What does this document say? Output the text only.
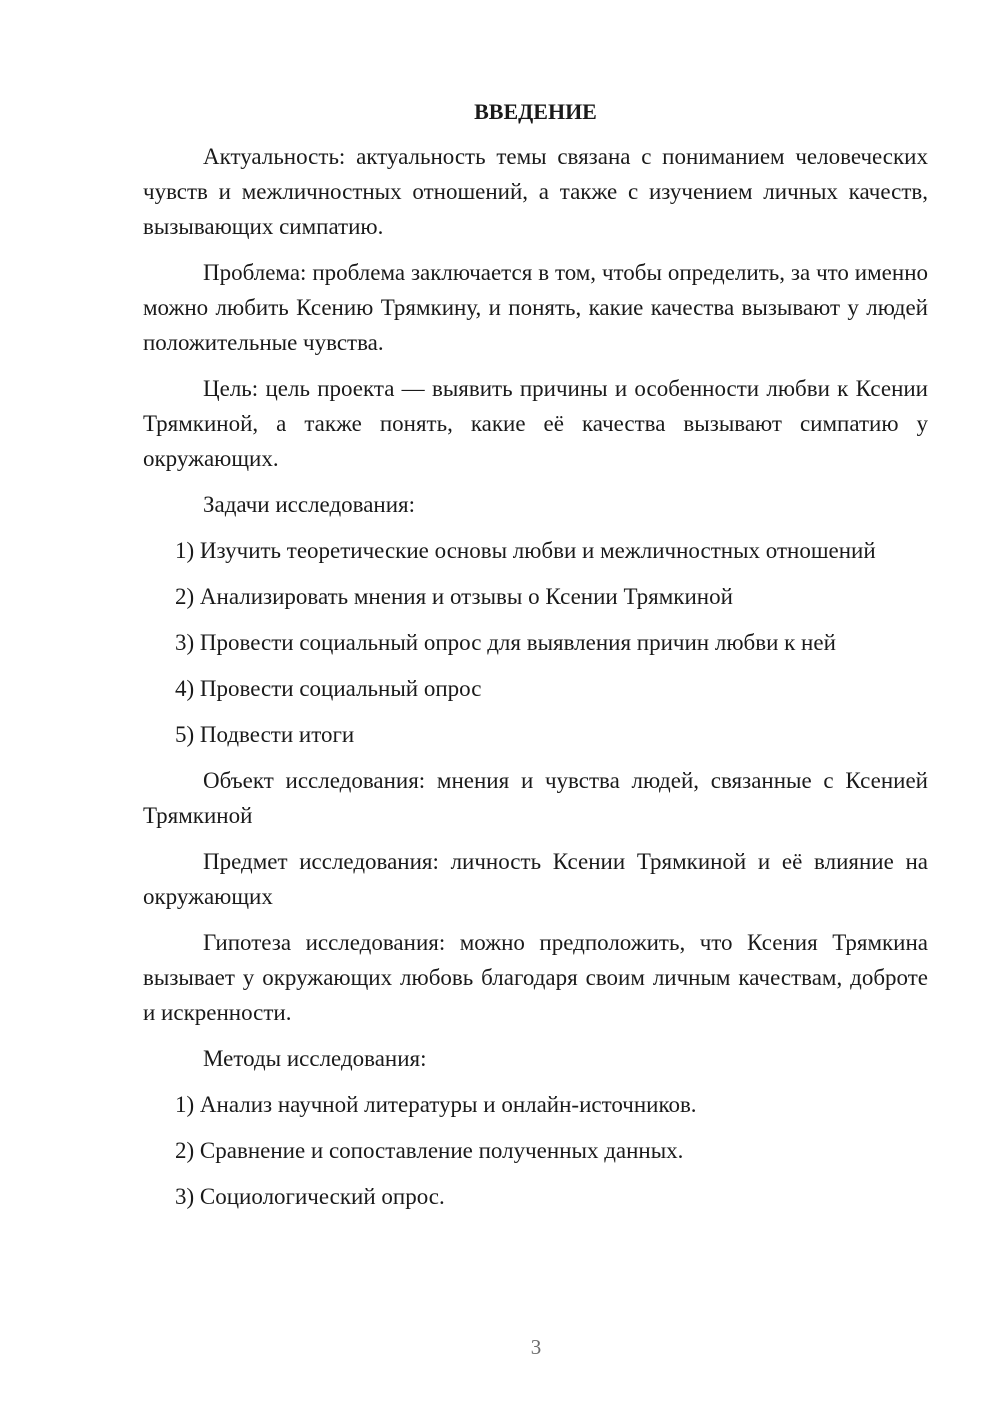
ВВЕДЕНИЕ

Актуальность: актуальность темы связана с пониманием человеческих чувств и межличностных отношений, а также с изучением личных качеств, вызывающих симпатию.

Проблема: проблема заключается в том, чтобы определить, за что именно можно любить Ксению Трямкину, и понять, какие качества вызывают у людей положительные чувства.

Цель: цель проекта — выявить причины и особенности любви к Ксении Трямкиной, а также понять, какие её качества вызывают симпатию у окружающих.

Задачи исследования:

1) Изучить теоретические основы любви и межличностных отношений
2) Анализировать мнения и отзывы о Ксении Трямкиной
3) Провести социальный опрос для выявления причин любви к ней
4) Провести социальный опрос
5) Подвести итоги

Объект исследования: мнения и чувства людей, связанные с Ксенией Трямкиной

Предмет исследования: личность Ксении Трямкиной и её влияние на окружающих

Гипотеза исследования: можно предположить, что Ксения Трямкина вызывает у окружающих любовь благодаря своим личным качествам, доброте и искренности.

Методы исследования:

1) Анализ научной литературы и онлайн-источников.
2) Сравнение и сопоставление полученных данных.
3) Социологический опрос.
3
